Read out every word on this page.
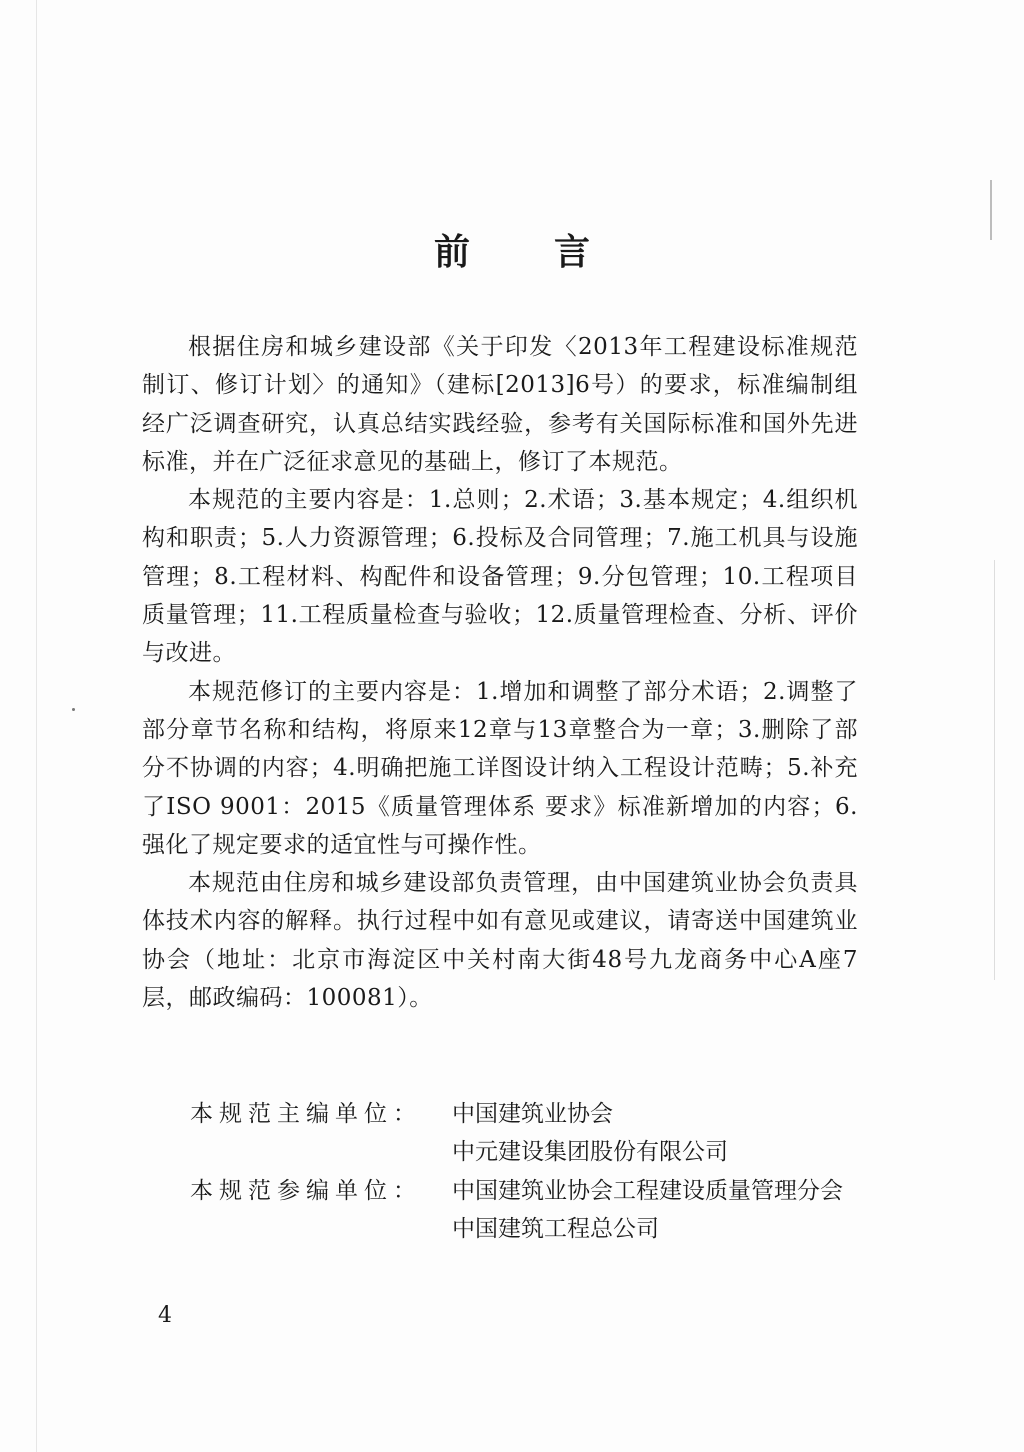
前言

根据住房和城乡建设部《关于印发〈2013年工程建设标准规范制订、修订计划〉的通知》（建标[2013]6号）的要求，标准编制组经广泛调查研究，认真总结实践经验，参考有关国际标准和国外先进标准，并在广泛征求意见的基础上，修订了本规范。

本规范的主要内容是：1.总则；2.术语；3.基本规定；4.组织机构和职责；5.人力资源管理；6.投标及合同管理；7.施工机具与设施管理；8.工程材料、构配件和设备管理；9.分包管理；10.工程项目质量管理；11.工程质量检查与验收；12.质量管理检查、分析、评价与改进。

本规范修订的主要内容是：1.增加和调整了部分术语；2.调整了部分章节名称和结构，将原来12章与13章整合为一章；3.删除了部分不协调的内容；4.明确把施工详图设计纳入工程设计范畴；5.补充了ISO 9001：2015《质量管理体系 要求》标准新增加的内容；6.强化了规定要求的适宜性与可操作性。

本规范由住房和城乡建设部负责管理，由中国建筑业协会负责具体技术内容的解释。执行过程中如有意见或建议，请寄送中国建筑业协会（地址：北京市海淀区中关村南大街48号九龙商务中心A座7层，邮政编码：100081）。

本规范主编单位：	中国建筑业协会
中元建设集团股份有限公司
本规范参编单位：	中国建筑业协会工程建设质量管理分会
中国建筑工程总公司
4
